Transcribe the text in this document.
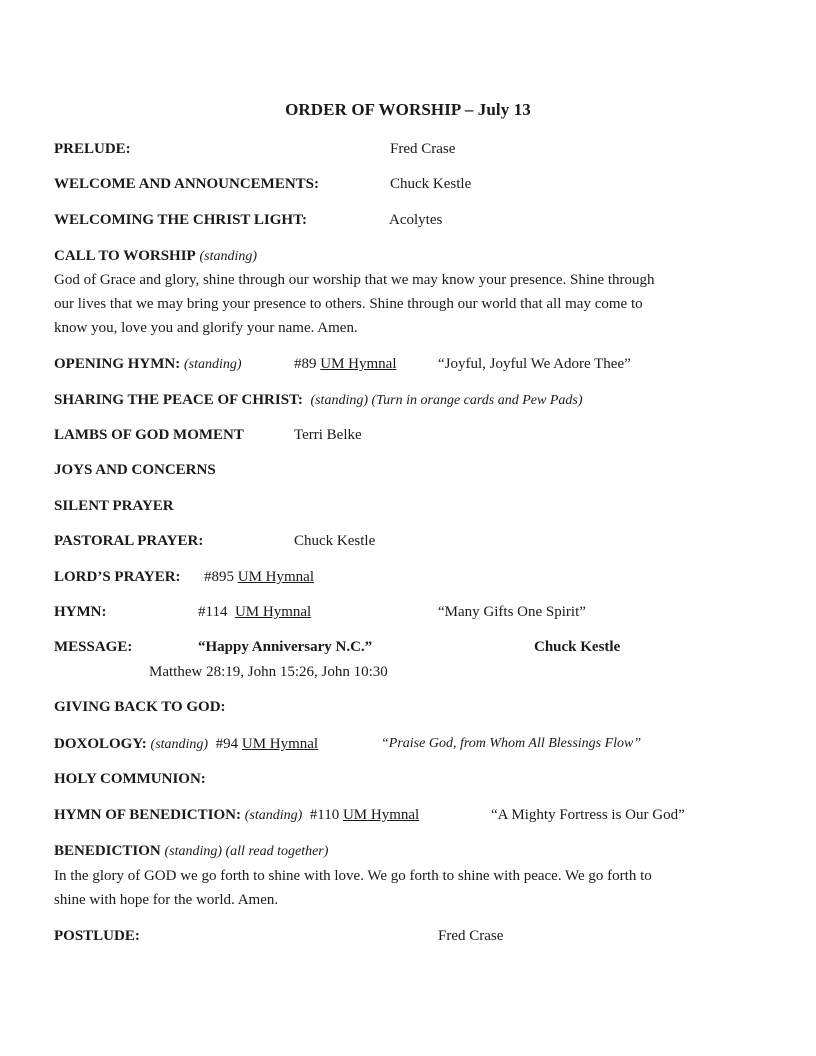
ORDER OF WORSHIP – July 13
PRELUDE:	Fred Crase
WELCOME AND ANNOUNCEMENTS:	Chuck Kestle
WELCOMING THE CHRIST LIGHT:	Acolytes
CALL TO WORSHIP (standing)
God of Grace and glory, shine through our worship that we may know your presence. Shine through
our lives that we may bring your presence to others. Shine through our world that all may come to
know you, love you and glorify your name. Amen.
OPENING HYMN: (standing)	#89 UM Hymnal	“Joyful, Joyful We Adore Thee”
SHARING THE PEACE OF CHRIST: (standing) (Turn in orange cards and Pew Pads)
LAMBS OF GOD MOMENT	Terri Belke
JOYS AND CONCERNS
SILENT PRAYER
PASTORAL PRAYER:	Chuck Kestle
LORD’S PRAYER: #895 UM Hymnal
HYMN:	#114 UM Hymnal	“Many Gifts One Spirit”
MESSAGE:	“Happy Anniversary N.C.”	Chuck Kestle
Matthew 28:19, John 15:26, John 10:30
GIVING BACK TO GOD:
DOXOLOGY: (standing) #94 UM Hymnal	“Praise God, from Whom All Blessings Flow”
HOLY COMMUNION:
HYMN OF BENEDICTION: (standing) #110 UM Hymnal	“A Mighty Fortress is Our God”
BENEDICTION (standing) (all read together)
In the glory of GOD we go forth to shine with love. We go forth to shine with peace. We go forth to
shine with hope for the world. Amen.
POSTLUDE:	Fred Crase
